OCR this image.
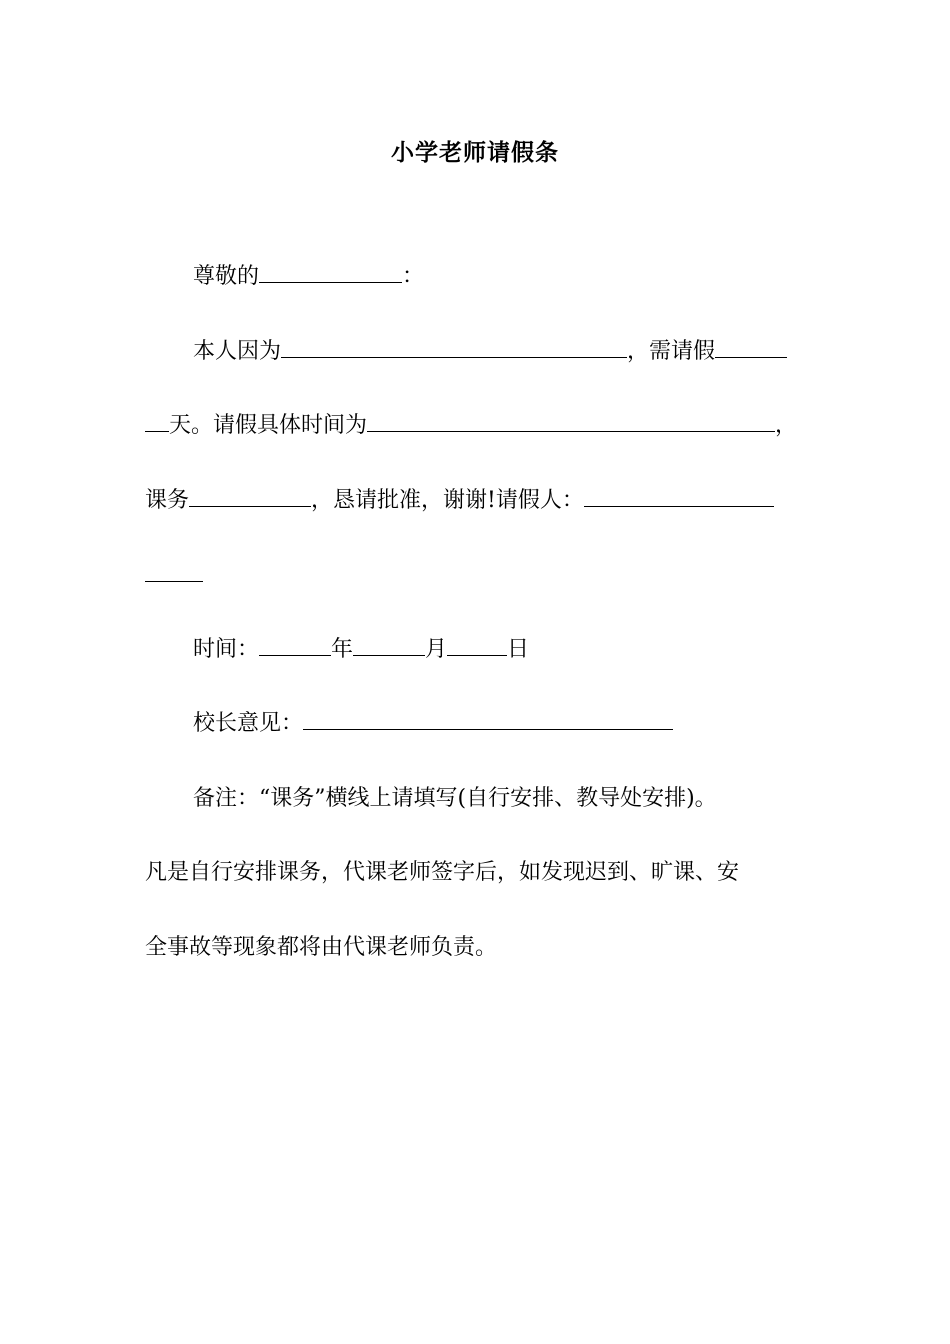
小学老师请假条
尊敬的	：
本人因为	，需请假
天。请假具体时间为	，
课务	，恳请批准，谢谢!请假人：
时间：	年	月	日
校长意见：
备注：“课务”横线上请填写(自行安排、教导处安排)。
凡是自行安排课务，代课老师签字后，如发现迟到、旷课、安
全事故等现象都将由代课老师负责。
